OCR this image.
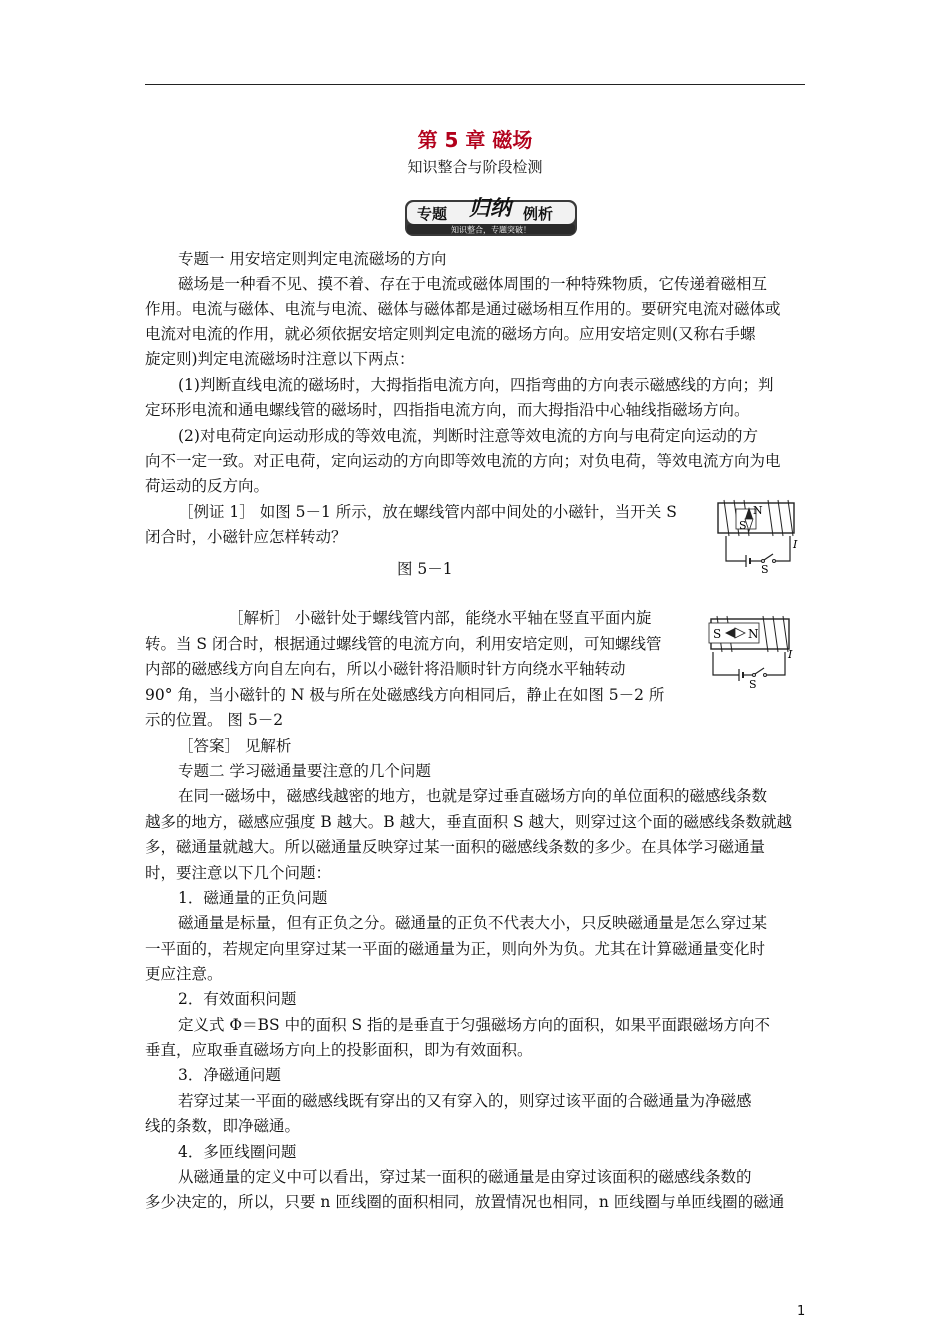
第 5 章 磁场
知识整合与阶段检测
专题 归纳 例析
知识整合，专题突破！
专题一 用安培定则判定电流磁场的方向
磁场是一种看不见、摸不着、存在于电流或磁体周围的一种特殊物质，它传递着磁相互
作用。电流与磁体、电流与电流、磁体与磁体都是通过磁场相互作用的。要研究电流对磁体或
电流对电流的作用，就必须依据安培定则判定电流的磁场方向。应用安培定则(又称右手螺
旋定则)判定电流磁场时注意以下两点：
(1)判断直线电流的磁场时，大拇指指电流方向，四指弯曲的方向表示磁感线的方向；判
定环形电流和通电螺线管的磁场时，四指指电流方向，而大拇指沿中心轴线指磁场方向。
(2)对电荷定向运动形成的等效电流，判断时注意等效电流的方向与电荷定向运动的方
向不一定一致。对正电荷，定向运动的方向即等效电流的方向；对负电荷，等效电流方向为电
荷运动的反方向。
［例证 1］ 如图 5－1 所示，放在螺线管内部中间处的小磁针，当开关 S
闭合时，小磁针应怎样转动？
图 5－1
［解析］ 小磁针处于螺线管内部，能绕水平轴在竖直平面内旋
转。当 S 闭合时，根据通过螺线管的电流方向，利用安培定则，可知螺线管
内部的磁感线方向自左向右，所以小磁针将沿顺时针方向绕水平轴转动
90° 角，当小磁针的 N 极与所在处磁感线方向相同后，静止在如图 5－2 所
示的位置。 图 5－2
［答案］ 见解析
专题二 学习磁通量要注意的几个问题
在同一磁场中，磁感线越密的地方，也就是穿过垂直磁场方向的单位面积的磁感线条数
越多的地方，磁感应强度 B 越大。B 越大，垂直面积 S 越大，则穿过这个面的磁感线条数就越
多，磁通量就越大。所以磁通量反映穿过某一面积的磁感线条数的多少。在具体学习磁通量
时，要注意以下几个问题：
1．磁通量的正负问题
磁通量是标量，但有正负之分。磁通量的正负不代表大小，只反映磁通量是怎么穿过某
一平面的，若规定向里穿过某一平面的磁通量为正，则向外为负。尤其在计算磁通量变化时
更应注意。
2．有效面积问题
定义式 Φ＝BS 中的面积 S 指的是垂直于匀强磁场方向的面积，如果平面跟磁场方向不
垂直，应取垂直磁场方向上的投影面积，即为有效面积。
3．净磁通问题
若穿过某一平面的磁感线既有穿出的又有穿入的，则穿过该平面的合磁通量为净磁感
线的条数，即净磁通。
4．多匝线圈问题
从磁通量的定义中可以看出，穿过某一面积的磁通量是由穿过该面积的磁感线条数的
多少决定的，所以，只要 n 匝线圈的面积相同，放置情况也相同，n 匝线圈与单匝线圈的磁通
S
N
S
I
S N
S
I
1
